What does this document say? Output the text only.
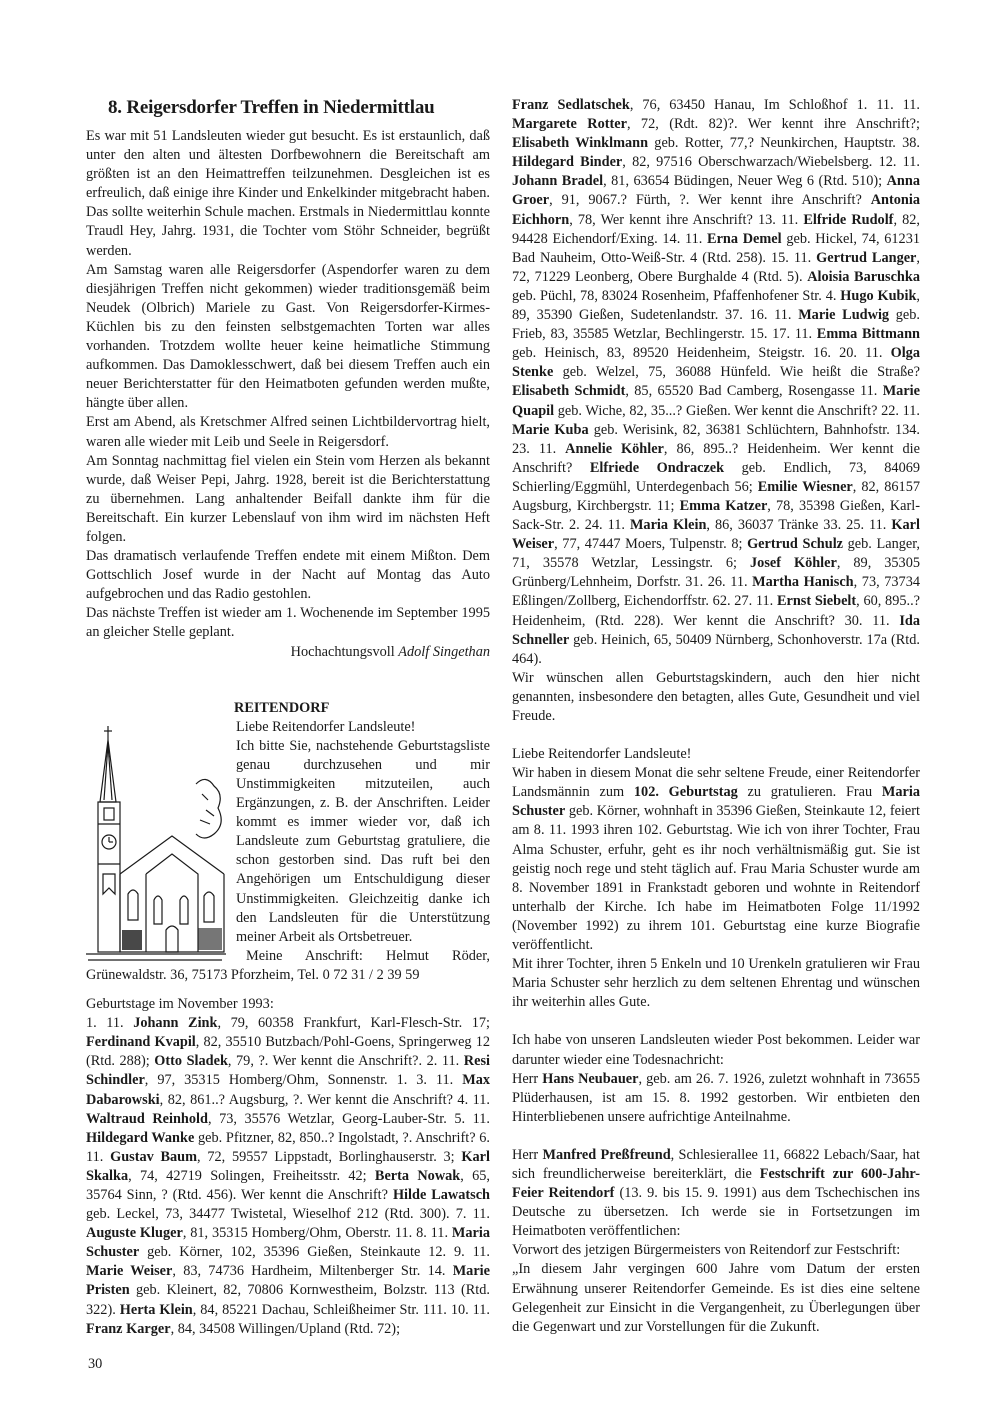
8. Reigersdorfer Treffen in Niedermittlau

Es war mit 51 Landsleuten wieder gut besucht. Es ist erstaunlich, daß unter den alten und ältesten Dorfbewohnern die Bereitschaft am größten ist an den Heimattreffen teilzunehmen. Desgleichen ist es erfreulich, daß einige ihre Kinder und Enkelkinder mitgebracht haben. Das sollte weiterhin Schule machen. Erstmals in Niedermittlau konnte Traudl Hey, Jahrg. 1931, die Tochter vom Stöhr Schneider, begrüßt werden.

Am Samstag waren alle Reigersdorfer (Aspendorfer waren zu dem diesjährigen Treffen nicht gekommen) wieder traditionsgemäß beim Neudek (Olbrich) Mariele zu Gast. Von Reigersdorfer-Kirmes-Küchlen bis zu den feinsten selbstgemachten Torten war alles vorhanden. Trotzdem wollte heuer keine heimatliche Stimmung aufkommen. Das Damoklesschwert, daß bei diesem Treffen auch ein neuer Berichterstatter für den Heimatboten gefunden werden mußte, hängte über allen.

Erst am Abend, als Kretschmer Alfred seinen Lichtbildervortrag hielt, waren alle wieder mit Leib und Seele in Reigersdorf.

Am Sonntag nachmittag fiel vielen ein Stein vom Herzen als bekannt wurde, daß Weiser Pepi, Jahrg. 1928, bereit ist die Berichterstattung zu übernehmen. Lang anhaltender Beifall dankte ihm für die Bereitschaft. Ein kurzer Lebenslauf von ihm wird im nächsten Heft folgen.

Das dramatisch verlaufende Treffen endete mit einem Mißton. Dem Gottschlich Josef wurde in der Nacht auf Montag das Auto aufgebrochen und das Radio gestohlen.

Das nächste Treffen ist wieder am 1. Wochenende im September 1995 an gleicher Stelle geplant.

Hochachtungsvoll Adolf Singethan

REITENDORF

Liebe Reitendorfer Landsleute!

Ich bitte Sie, nachstehende Geburtstagsliste genau durchzusehen und mir Unstimmigkeiten mitzuteilen, auch Ergänzungen, z. B. der Anschriften. Leider kommt es immer wieder vor, daß ich Landsleute zum Geburtstag gratuliere, die schon gestorben sind. Das ruft bei den Angehörigen um Entschuldigung dieser Unstimmigkeiten. Gleichzeitig danke ich den Landsleuten für die Unterstützung meiner Arbeit als Ortsbetreuer.

Meine Anschrift: Helmut Röder, Grünewaldstr. 36, 75173 Pforzheim, Tel. 0 72 31 / 2 39 59

Geburtstage im November 1993:

1. 11. Johann Zink, 79, 60358 Frankfurt, Karl-Flesch-Str. 17; Ferdinand Kvapil, 82, 35510 Butzbach/Pohl-Goens, Springerweg 12 (Rtd. 288); Otto Sladek, 79, ?. Wer kennt die Anschrift?. 2. 11. Resi Schindler, 97, 35315 Homberg/Ohm, Sonnenstr. 1. 3. 11. Max Dabarowski, 82, 861..? Augsburg, ?. Wer kennt die Anschrift? 4. 11. Waltraud Reinhold, 73, 35576 Wetzlar, Georg-Lauber-Str. 5. 11. Hildegard Wanke geb. Pfitzner, 82, 850..? Ingolstadt, ?. Anschrift? 6. 11. Gustav Baum, 72, 59557 Lippstadt, Borlinghauserstr. 3; Karl Skalka, 74, 42719 Solingen, Freiheitsstr. 42; Berta Nowak, 65, 35764 Sinn, ? (Rtd. 456). Wer kennt die Anschrift? Hilde Lawatsch geb. Leckel, 73, 34477 Twistetal, Wieselhof 212 (Rtd. 300). 7. 11. Auguste Kluger, 81, 35315 Homberg/Ohm, Oberstr. 11. 8. 11. Maria Schuster geb. Körner, 102, 35396 Gießen, Steinkaute 12. 9. 11. Marie Weiser, 83, 74736 Hardheim, Miltenberger Str. 14. Marie Pristen geb. Kleinert, 82, 70806 Kornwestheim, Bolzstr. 113 (Rtd. 322). Herta Klein, 84, 85221 Dachau, Schleißheimer Str. 111. 10. 11. Franz Karger, 84, 34508 Willingen/Upland (Rtd. 72);

Franz Sedlatschek, 76, 63450 Hanau, Im Schloßhof 1. 11. 11. Margarete Rotter, 72, (Rdt. 82)?. Wer kennt ihre Anschrift?; Elisabeth Winklmann geb. Rotter, 77,? Neunkirchen, Hauptstr. 38. Hildegard Binder, 82, 97516 Oberschwarzach/Wiebelsberg. 12. 11. Johann Bradel, 81, 63654 Büdingen, Neuer Weg 6 (Rtd. 510); Anna Groer, 91, 9067.? Fürth, ?. Wer kennt ihre Anschrift? Antonia Eichhorn, 78, Wer kennt ihre Anschrift? 13. 11. Elfride Rudolf, 82, 94428 Eichendorf/Exing. 14. 11. Erna Demel geb. Hickel, 74, 61231 Bad Nauheim, Otto-Weiß-Str. 4 (Rtd. 258). 15. 11. Gertrud Langer, 72, 71229 Leonberg, Obere Burghalde 4 (Rtd. 5). Aloisia Baruschka geb. Püchl, 78, 83024 Rosenheim, Pfaffenhofener Str. 4. Hugo Kubik, 89, 35390 Gießen, Sudetenlandstr. 37. 16. 11. Marie Ludwig geb. Frieb, 83, 35585 Wetzlar, Bechlingerstr. 15. 17. 11. Emma Bittmann geb. Heinisch, 83, 89520 Heidenheim, Steigstr. 16. 20. 11. Olga Stenke geb. Welzel, 75, 36088 Hünfeld. Wie heißt die Straße? Elisabeth Schmidt, 85, 65520 Bad Camberg, Rosengasse 11. Marie Quapil geb. Wiche, 82, 35...? Gießen. Wer kennt die Anschrift? 22. 11. Marie Kuba geb. Werisink, 82, 36381 Schlüchtern, Bahnhofstr. 134. 23. 11. Annelie Köhler, 86, 895..? Heidenheim. Wer kennt die Anschrift? Elfriede Ondraczek geb. Endlich, 73, 84069 Schierling/Eggmühl, Unterdegenbach 56; Emilie Wiesner, 82, 86157 Augsburg, Kirchbergstr. 11; Emma Katzer, 78, 35398 Gießen, Karl-Sack-Str. 2. 24. 11. Maria Klein, 86, 36037 Tränke 33. 25. 11. Karl Weiser, 77, 47447 Moers, Tulpenstr. 8; Gertrud Schulz geb. Langer, 71, 35578 Wetzlar, Lessingstr. 6; Josef Köhler, 89, 35305 Grünberg/Lehnheim, Dorfstr. 31. 26. 11. Martha Hanisch, 73, 73734 Eßlingen/Zollberg, Eichendorffstr. 62. 27. 11. Ernst Siebelt, 60, 895..? Heidenheim, (Rtd. 228). Wer kennt die Anschrift? 30. 11. Ida Schneller geb. Heinich, 65, 50409 Nürnberg, Schonhoverstr. 17a (Rtd. 464).

Wir wünschen allen Geburtstagskindern, auch den hier nicht genannten, insbesondere den betagten, alles Gute, Gesundheit und viel Freude.

Liebe Reitendorfer Landsleute!

Wir haben in diesem Monat die sehr seltene Freude, einer Reitendorfer Landsmännin zum 102. Geburtstag zu gratulieren. Frau Maria Schuster geb. Körner, wohnhaft in 35396 Gießen, Steinkaute 12, feiert am 8. 11. 1993 ihren 102. Geburtstag. Wie ich von ihrer Tochter, Frau Alma Schuster, erfuhr, geht es ihr noch verhältnismäßig gut. Sie ist geistig noch rege und steht täglich auf. Frau Maria Schuster wurde am 8. November 1891 in Frankstadt geboren und wohnte in Reitendorf unterhalb der Kirche. Ich habe im Heimatboten Folge 11/1992 (November 1992) zu ihrem 101. Geburtstag eine kurze Biografie veröffentlicht.

Mit ihrer Tochter, ihren 5 Enkeln und 10 Urenkeln gratulieren wir Frau Maria Schuster sehr herzlich zu dem seltenen Ehrentag und wünschen ihr weiterhin alles Gute.

Ich habe von unseren Landsleuten wieder Post bekommen. Leider war darunter wieder eine Todesnachricht:

Herr Hans Neubauer, geb. am 26. 7. 1926, zuletzt wohnhaft in 73655 Plüderhausen, ist am 15. 8. 1992 gestorben. Wir entbieten den Hinterbliebenen unsere aufrichtige Anteilnahme.

Herr Manfred Preßfreund, Schlesierallee 11, 66822 Lebach/Saar, hat sich freundlicherweise bereiterklärt, die Festschrift zur 600-Jahr-Feier Reitendorf (13. 9. bis 15. 9. 1991) aus dem Tschechischen ins Deutsche zu übersetzen. Ich werde sie in Fortsetzungen im Heimatboten veröffentlichen:

Vorwort des jetzigen Bürgermeisters von Reitendorf zur Festschrift:

„In diesem Jahr vergingen 600 Jahre vom Datum der ersten Erwähnung unserer Reitendorfer Gemeinde. Es ist dies eine seltene Gelegenheit zur Einsicht in die Vergangenheit, zu Überlegungen über die Gegenwart und zur Vorstellungen für die Zukunft.

30
